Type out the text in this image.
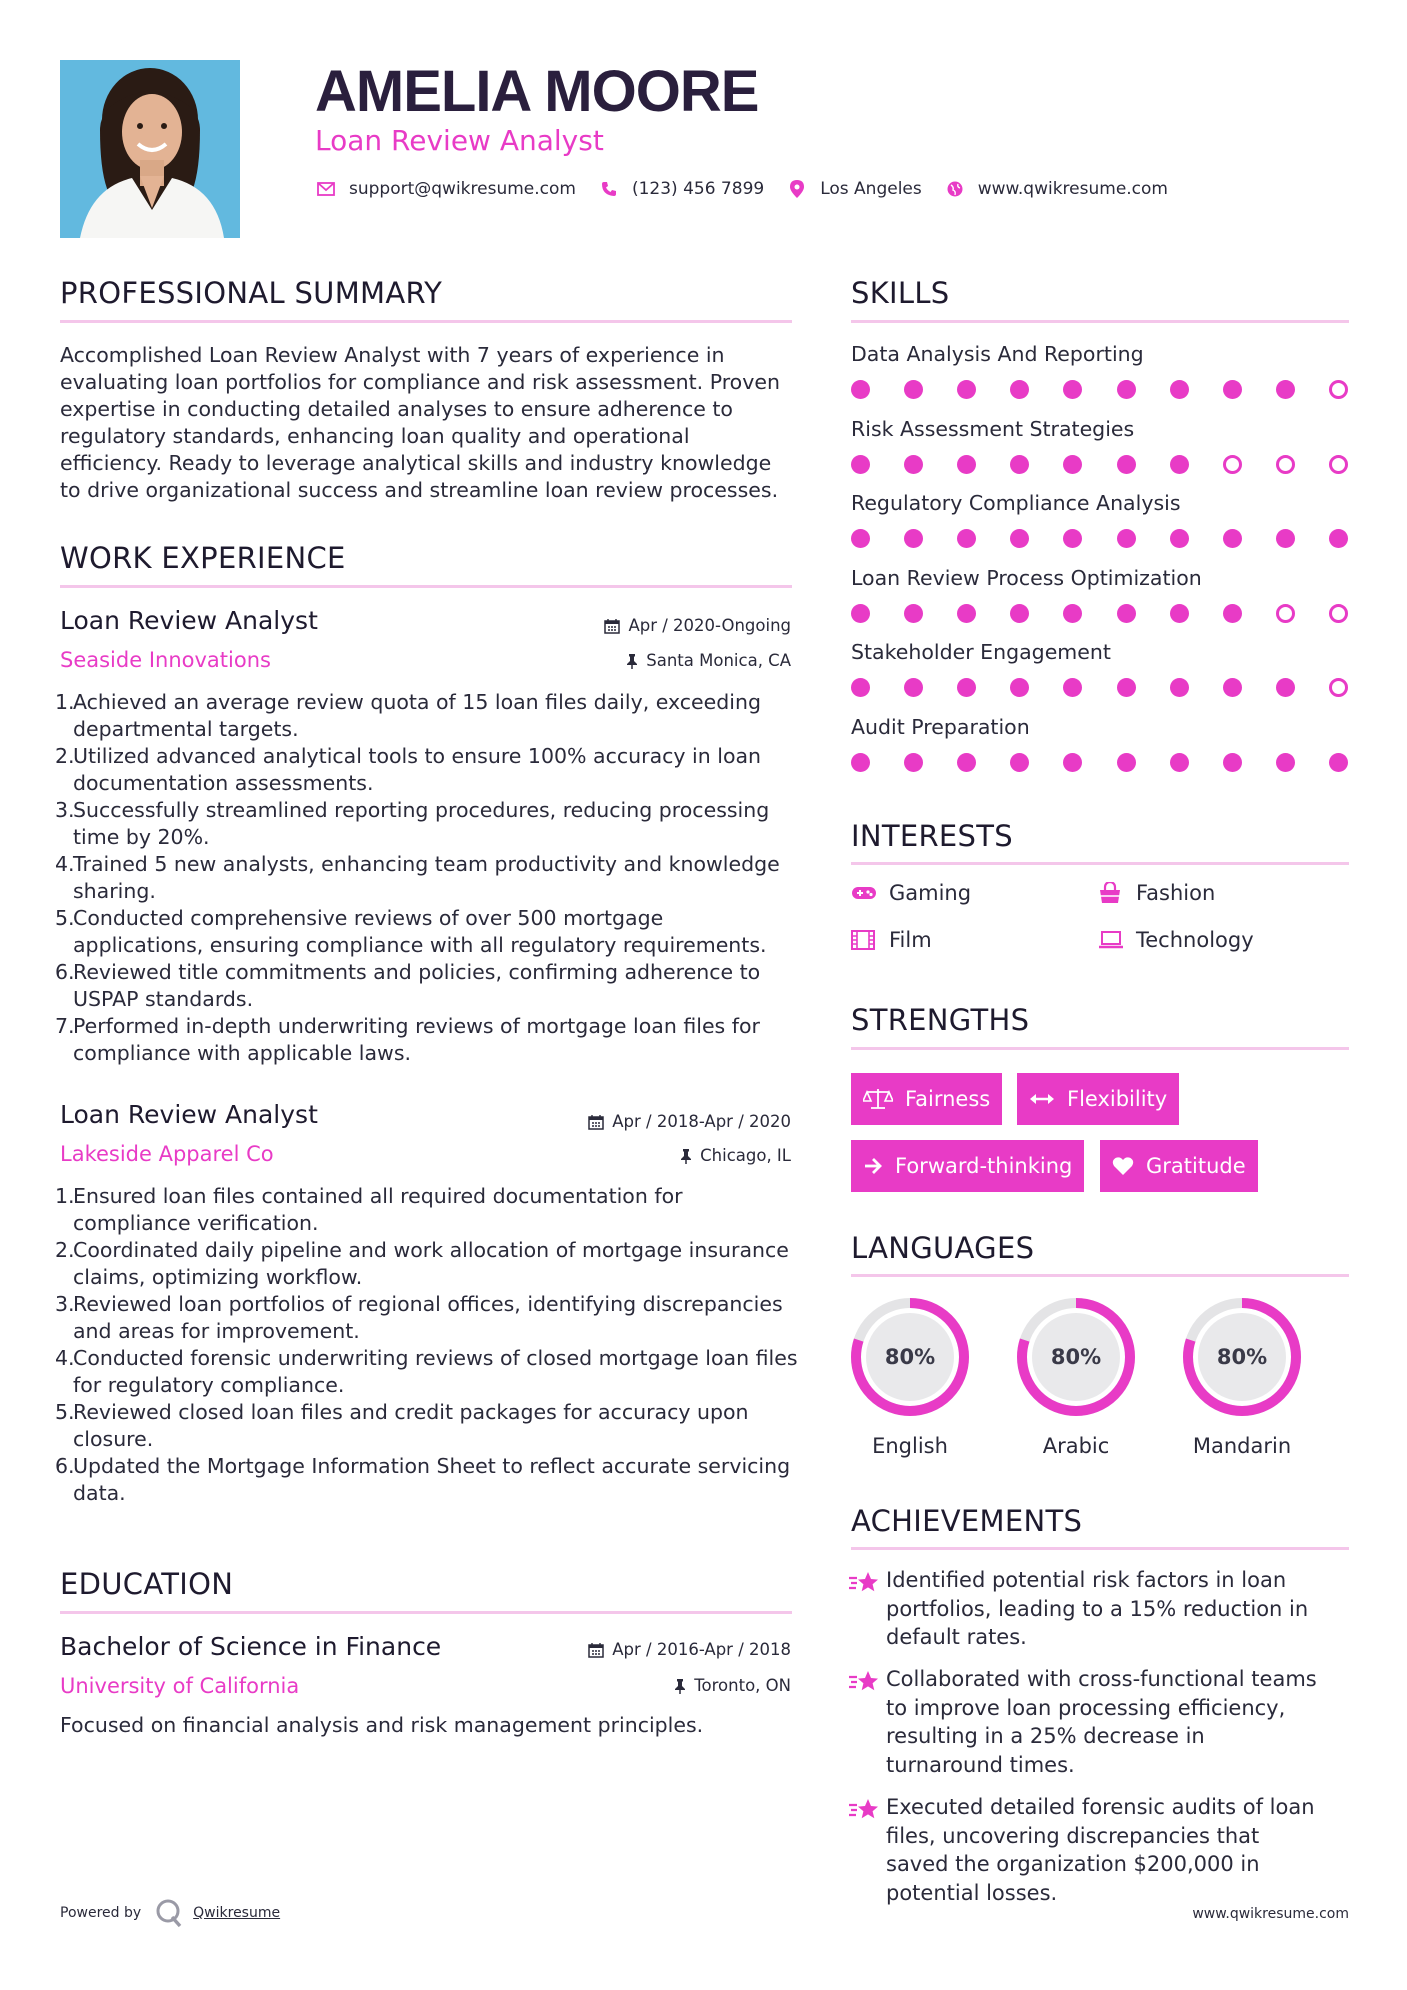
AMELIA MOORE
Loan Review Analyst
support@qwikresume.com	(123) 456 7899	Los Angeles	www.qwikresume.com
PROFESSIONAL SUMMARY
Accomplished Loan Review Analyst with 7 years of experience in evaluating loan portfolios for compliance and risk assessment. Proven expertise in conducting detailed analyses to ensure adherence to regulatory standards, enhancing loan quality and operational efficiency. Ready to leverage analytical skills and industry knowledge to drive organizational success and streamline loan review processes.
WORK EXPERIENCE
Loan Review Analyst	Apr / 2020-Ongoing
Seaside Innovations	Santa Monica, CA
1.
Achieved an average review quota of 15 loan files daily, exceeding departmental targets.
2.
Utilized advanced analytical tools to ensure 100% accuracy in loan documentation assessments.
3.
Successfully streamlined reporting procedures, reducing processing time by 20%.
4.
Trained 5 new analysts, enhancing team productivity and knowledge sharing.
5.
Conducted comprehensive reviews of over 500 mortgage applications, ensuring compliance with all regulatory requirements.
6.
Reviewed title commitments and policies, confirming adherence to USPAP standards.
7.
Performed in-depth underwriting reviews of mortgage loan files for compliance with applicable laws.
Loan Review Analyst	Apr / 2018-Apr / 2020
Lakeside Apparel Co	Chicago, IL
1.
Ensured loan files contained all required documentation for compliance verification.
2.
Coordinated daily pipeline and work allocation of mortgage insurance claims, optimizing workflow.
3.
Reviewed loan portfolios of regional offices, identifying discrepancies and areas for improvement.
4.
Conducted forensic underwriting reviews of closed mortgage loan files for regulatory compliance.
5.
Reviewed closed loan files and credit packages for accuracy upon closure.
6.
Updated the Mortgage Information Sheet to reflect accurate servicing data.
EDUCATION
Bachelor of Science in Finance	Apr / 2016-Apr / 2018
University of California	Toronto, ON
Focused on financial analysis and risk management principles.
SKILLS
INTERESTS
Gaming	Fashion
Film	Technology
STRENGTHS
Fairness	Flexibility
Forward-thinking	Gratitude
LANGUAGES
ACHIEVEMENTS
Identified potential risk factors in loan portfolios, leading to a 15% reduction in default rates.
Collaborated with cross-functional teams to improve loan processing efficiency, resulting in a 25% decrease in turnaround times.
Executed detailed forensic audits of loan files, uncovering discrepancies that saved the organization $200,000 in potential losses.
Powered by	Qwikresume	www.qwikresume.com
Data Analysis And Reporting
Risk Assessment Strategies
Regulatory Compliance Analysis
Loan Review Process Optimization
Stakeholder Engagement
Audit Preparation
80%
English
80%
Arabic
80%
Mandarin
